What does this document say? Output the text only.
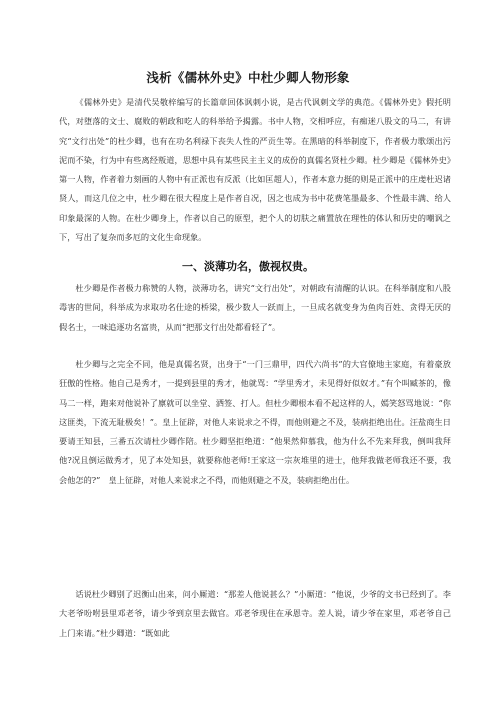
浅析《儒林外史》中杜少卿人物形象

《儒林外史》是清代吴敬梓编写的长篇章回体讽刺小说，是古代讽刺文学的典范。《儒林外史》假托明代，对堕落的文士、腐败的朝政和吃人的科举给予揭露。书中人物，交相呼应，有痴迷八股文的马二，有讲究“文行出处”的杜少卿，也有在功名利禄下丧失人性的严贡生等。在黑暗的科举制度下，作者极力歌颂出污泥而不染，行为中有些离经叛道，思想中具有某些民主主义的成份的真儒名贤杜少卿。杜少卿是《儒林外史》第一人物，作者着力刻画的人物中有正派也有反派（比如匡超人），作者本意力挺的则是正派中的庄虔杜迟诸贤人，而这几位之中，杜少卿在很大程度上是作者自况，因之也成为书中花费笔墨最多、个性最丰满、给人印象最深的人物。在杜少卿身上，作者以自己的原型，把个人的切肤之痛置放在理性的体认和历史的嘲讽之下，写出了复杂而多厄的文化生命现象。

一、淡薄功名，傲视权贵。

杜少卿是作者极力称赞的人物，淡薄功名，讲究“文行出处”，对朝政有清醒的认识。在科举制度和八股毒害的世间，科举成为求取功名仕途的桥梁，极少数人一跃而上，一旦成名就变身为鱼肉百姓、贪得无厌的假名士，一味追逐功名富贵，从而“把那文行出处都看轻了”。

杜少卿与之完全不同，他是真儒名贤，出身于“一门三鼎甲，四代六尚书”的大官僚地主家庭，有着豪放狂傲的性格。他自己是秀才，一提到县里的秀才，他就骂：“学里秀才，未见得好似奴才。”有个叫臧茶的，像马二一样，跑来对他说补了廪就可以坐堂、洒签、打人。但杜少卿根本看不起这样的人，嫣笑怒骂地说：“你这匪类，下流无耻极矣！”。皇上征辟，对他人来说求之不得，而他则避之不及，装病拒绝出仕。汪盐商生日要请王知县，三番五次请杜少卿作陪。杜少卿坚拒绝道：“他果然仰慕我，他为什么不先来拜我，倒叫我拜他?况且倒运做秀才，见了本处知县，就要称他老师!王家这一宗灰堆里的进士，他拜我做老师我还不要，我会他怎的?”　皇上征辟，对他人来说求之不得，而他则避之不及，装病拒绝出仕。

话说杜少卿别了迟衡山出来，问小厮道：“那差人他说甚么？”小厮道：“他说，少爷的文书已经到了。李大老爷吩咐县里邓老爷，请少爷到京里去做官。邓老爷现住在承恩寺。差人说，请少爷在家里，邓老爷自己上门来请。”杜少卿道：“既如此
